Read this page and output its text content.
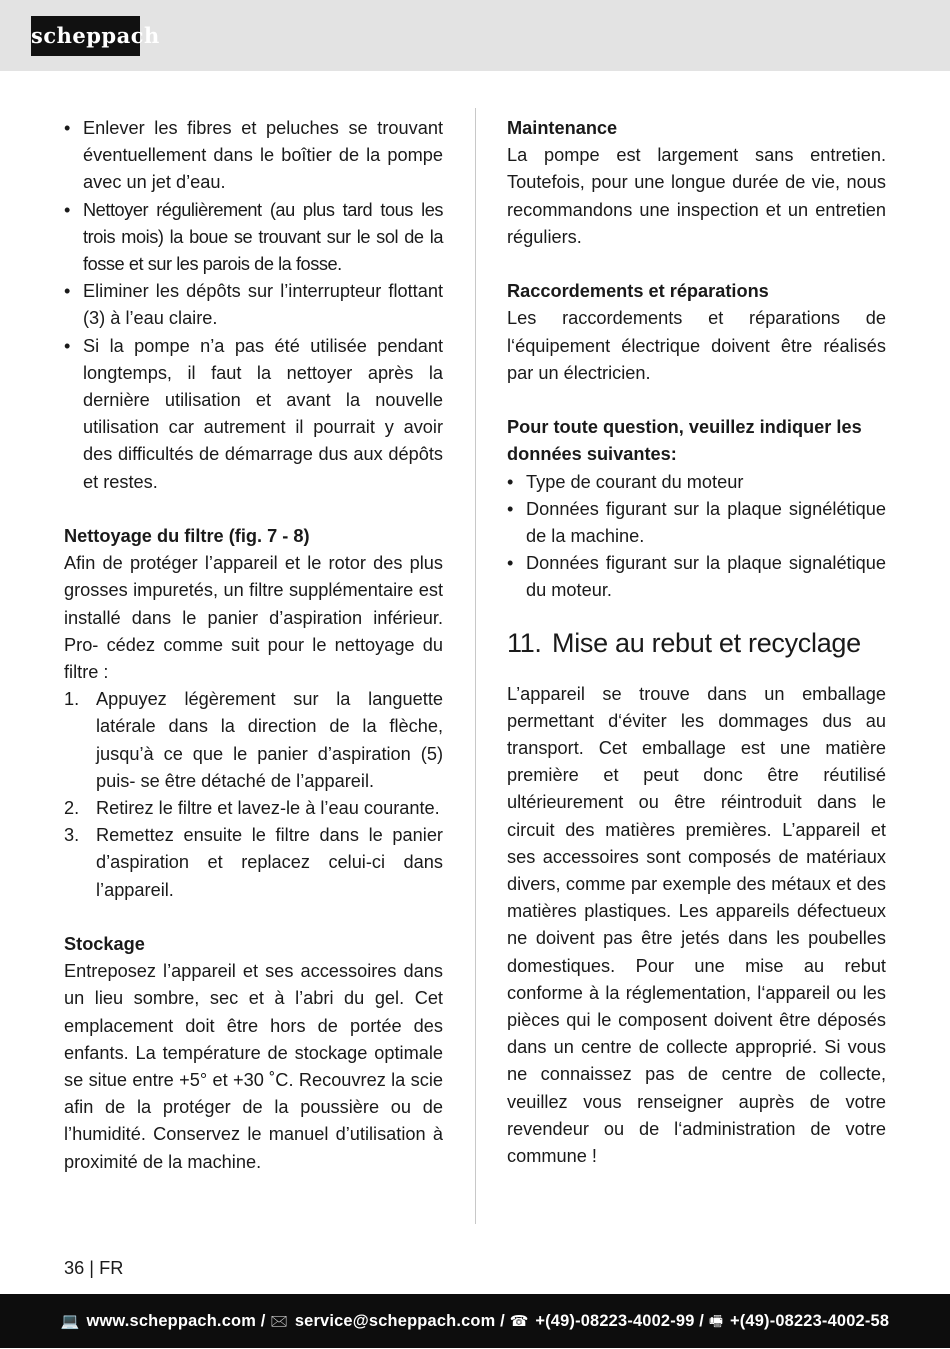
scheppach
• Enlever les fibres et peluches se trouvant éventuellement dans le boîtier de la pompe avec un jet d’eau.
• Nettoyer régulièrement (au plus tard tous les trois mois) la boue se trouvant sur le sol de la fosse et sur les parois de la fosse.
• Eliminer les dépôts sur l’interrupteur flottant (3) à l’eau claire.
• Si la pompe n’a pas été utilisée pendant longtemps, il faut la nettoyer après la dernière utilisation et avant la nouvelle utilisation car autrement il pourrait y avoir des difficultés de démarrage dus aux dépôts et restes.

Nettoyage du filtre (fig. 7 - 8)

Afin de protéger l’appareil et le rotor des plus grosses impuretés, un filtre supplémentaire est installé dans le panier d’aspiration inférieur. Pro- cédez comme suit pour le nettoyage du filtre :

1. Appuyez légèrement sur la languette latérale dans la direction de la flèche, jusqu’à ce que le panier d’aspiration (5) puis- se être détaché de l’appareil.
2. Retirez le filtre et lavez-le à l’eau courante.
3. Remettez ensuite le filtre dans le panier d’aspiration et replacez celui-ci dans l’appareil.

Stockage

Entreposez l’appareil et ses accessoires dans un lieu sombre, sec et à l’abri du gel. Cet emplacement doit être hors de portée des enfants. La température de stockage optimale se situe entre +5° et +30 ˚C. Recouvrez la scie afin de la protéger de la poussière ou de l’humidité. Conservez le manuel d’utilisation à proximité de la machine.

Maintenance

La pompe est largement sans entretien. Toutefois, pour une longue durée de vie, nous recommandons une inspection et un entretien réguliers.

Raccordements et réparations

Les raccordements et réparations de l‘équipement électrique doivent être réalisés par un électricien.

Pour toute question, veuillez indiquer les données suivantes:

• Type de courant du moteur
• Données figurant sur la plaque signélétique de la machine.
• Données figurant sur la plaque signalétique du moteur.
11. Mise au rebut et recyclage

L’appareil se trouve dans un emballage permettant d‘éviter les dommages dus au transport. Cet emballage est une matière première et peut donc être réutilisé ultérieurement ou être réintroduit dans le circuit des matières premières. L’appareil et ses accessoires sont composés de matériaux divers, comme par exemple des métaux et des matières plastiques. Les appareils défectueux ne doivent pas être jetés dans les poubelles domestiques. Pour une mise au rebut conforme à la réglementation, l‘appareil ou les pièces qui le composent doivent être déposés dans un centre de collecte approprié. Si vous ne connaissez pas de centre de collecte, veuillez vous renseigner auprès de votre revendeur ou de l‘administration de votre commune !

36 | FR
💻 www.scheppach.com / 🖂 service@scheppach.com / ☎ +(49)-08223-4002-99 / 🖷 +(49)-08223-4002-58
